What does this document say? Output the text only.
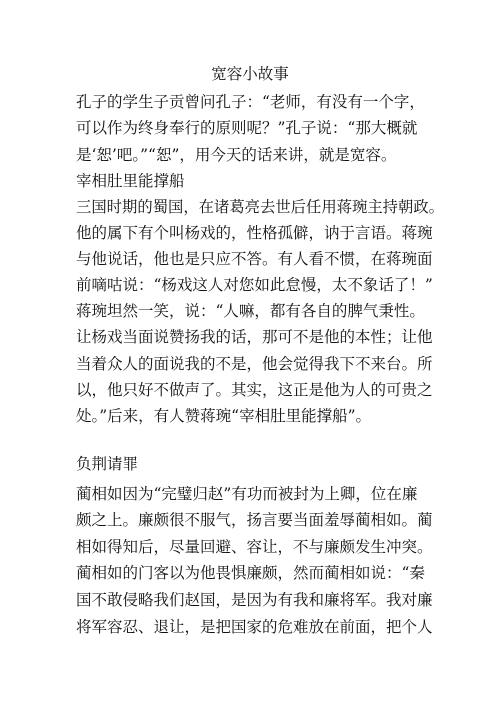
宽容小故事
孔子的学生子贡曾问孔子：“老师，有没有一个字，
可以作为终身奉行的原则呢？”孔子说：“那大概就
是‘恕’吧。”“恕”，用今天的话来讲，就是宽容。
宰相肚里能撑船
三国时期的蜀国，在诸葛亮去世后任用蒋琬主持朝政。
他的属下有个叫杨戏的，性格孤僻，讷于言语。蒋琬
与他说话，他也是只应不答。有人看不惯，在蒋琬面
前嘀咕说：“杨戏这人对您如此怠慢，太不象话了！”
蒋琬坦然一笑，说：“人嘛，都有各自的脾气秉性。
让杨戏当面说赞扬我的话，那可不是他的本性；让他
当着众人的面说我的不是，他会觉得我下不来台。所
以，他只好不做声了。其实，这正是他为人的可贵之
处。”后来，有人赞蒋琬“宰相肚里能撑船”。
负荆请罪
蔺相如因为“完璧归赵”有功而被封为上卿，位在廉
颇之上。廉颇很不服气，扬言要当面羞辱蔺相如。蔺
相如得知后，尽量回避、容让，不与廉颇发生冲突。
蔺相如的门客以为他畏惧廉颇，然而蔺相如说：“秦
国不敢侵略我们赵国，是因为有我和廉将军。我对廉
将军容忍、退让，是把国家的危难放在前面，把个人
